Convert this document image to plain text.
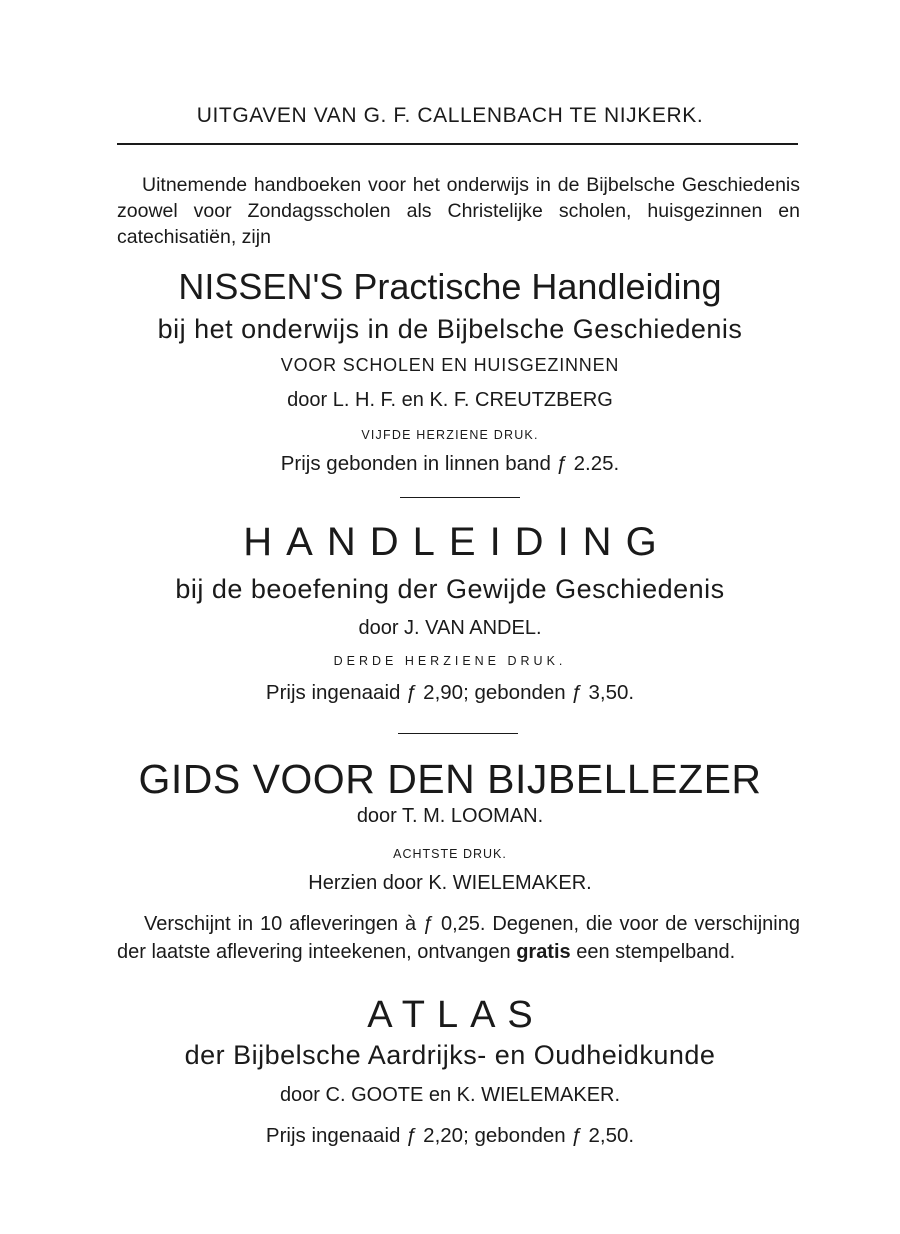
UITGAVEN VAN G. F. CALLENBACH TE NIJKERK.
Uitnemende handboeken voor het onderwijs in de Bijbelsche Geschiedenis zoowel voor Zondagsscholen als Christelijke scholen, huisgezinnen en catechisatiën, zijn
NISSEN'S Practische Handleiding
bij het onderwijs in de Bijbelsche Geschiedenis
VOOR SCHOLEN EN HUISGEZINNEN
door L. H. F. en K. F. CREUTZBERG
VIJFDE HERZIENE DRUK.
Prijs gebonden in linnen band ƒ 2.25.
HANDLEIDING
bij de beoefening der Gewijde Geschiedenis
door J. VAN ANDEL.
DERDE HERZIENE DRUK.
Prijs ingenaaid ƒ 2,90; gebonden ƒ 3,50.
GIDS VOOR DEN BIJBELLEZER
door T. M. LOOMAN.
ACHTSTE DRUK.
Herzien door K. WIELEMAKER.
Verschijnt in 10 afleveringen à ƒ 0,25. Degenen, die voor de verschijning der laatste aflevering inteekenen, ontvangen gratis een stempelband.
ATLAS
der Bijbelsche Aardrijks- en Oudheidkunde
door C. GOOTE en K. WIELEMAKER.
Prijs ingenaaid ƒ 2,20; gebonden ƒ 2,50.
